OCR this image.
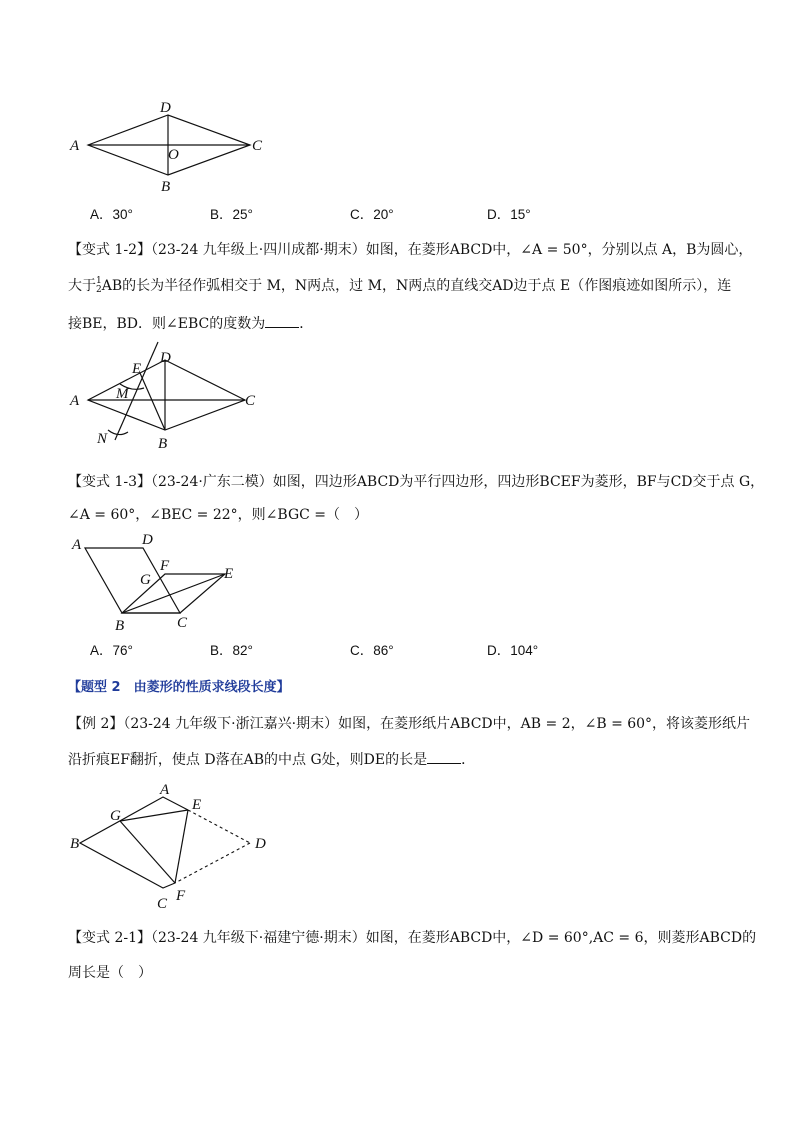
A
D
C
B
O
A．30°	B．25°	C．20°	D．15°
【变式 1-2】（23-24 九年级上·四川成都·期末）如图，在菱形ABCD中，∠A = 50°，分别以点 A，B为圆心，
大于1
2AB的长为半径作弧相交于 M，N两点，过 M，N两点的直线交AD边于点 E（作图痕迹如图所示），连
接BE，BD．则∠EBC的度数为 ．
E
D
M
A	C
N	B
【变式 1-3】（23-24·广东二模）如图，四边形ABCD为平行四边形，四边形BCEF为菱形，BF与CD交于点 G，
∠A = 60°，∠BEC = 22°，则∠BGC =（　）
A	D
F
G	E
B	C
A．76°	B．82°	C．86°	D．104°
【题型 2　由菱形的性质求线段长度】
【例 2】（23-24 九年级下·浙江嘉兴·期末）如图，在菱形纸片ABCD中，AB = 2，∠B = 60°，将该菱形纸片
沿折痕EF翻折，使点 D落在AB的中点 G处，则DE的长是 ．
A
E
G
B	D
F
C
【变式 2-1】（23-24 九年级下·福建宁德·期末）如图，在菱形ABCD中，∠D = 60°,AC = 6，则菱形ABCD的
周长是（　）
